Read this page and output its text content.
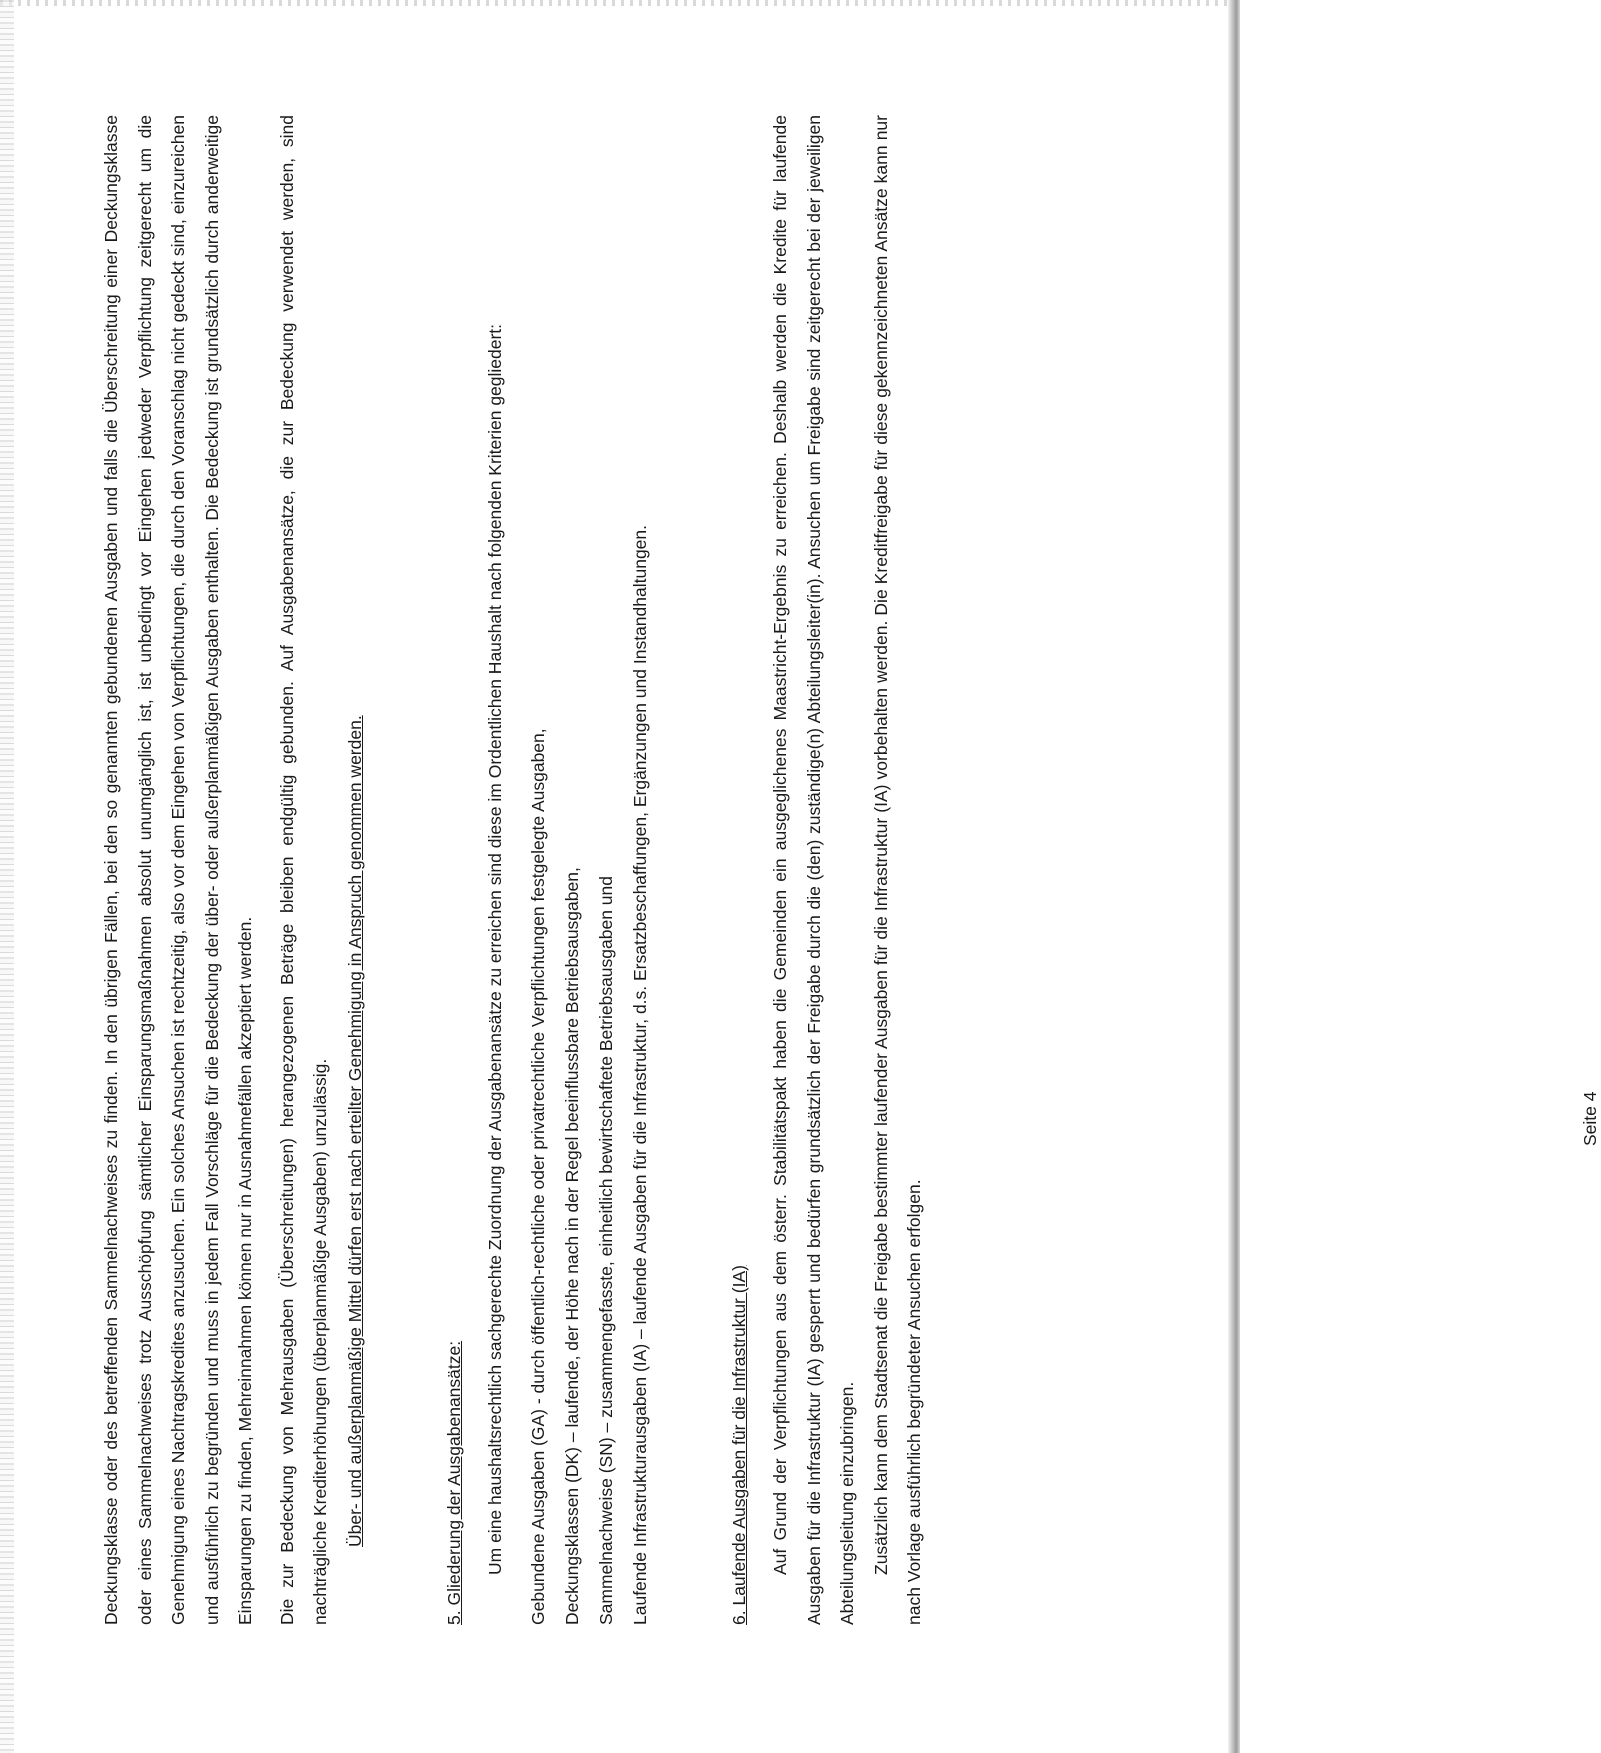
Deckungsklasse oder des betreffenden Sammelnachweises zu finden. In den übrigen Fällen, bei den so genannten gebundenen Ausgaben und falls die Überschreitung einer Deckungsklasse oder eines Sammelnachweises trotz Ausschöpfung sämtlicher Einsparungsmaßnahmen absolut unumgänglich ist, ist unbedingt vor Eingehen jedweder Verpflichtung zeitgerecht um die Genehmigung eines Nachtragskredites anzusuchen. Ein solches Ansuchen ist rechtzeitig, also vor dem Eingehen von Verpflichtungen, die durch den Voranschlag nicht gedeckt sind, einzureichen und ausführlich zu begründen und muss in jedem Fall Vorschläge für die Bedeckung der über- oder außerplanmäßigen Ausgaben enthalten. Die Bedeckung ist grundsätzlich durch anderweitige Einsparungen zu finden, Mehreinnahmen können nur in Ausnahmefällen akzeptiert werden.	Die zur Bedeckung von Mehrausgaben (Überschreitungen) herangezogenen Beträge bleiben endgültig gebunden. Auf Ausgabenansätze, die zur Bedeckung verwendet werden, sind nachträgliche Krediterhöhungen (überplanmäßige Ausgaben) unzulässig. Über- und außerplanmäßige Mittel dürfen erst nach erteilter Genehmigung in Anspruch genommen werden.	5. Gliederung der Ausgabenansätze:	Um eine haushaltsrechtlich sachgerechte Zuordnung der Ausgabenansätze zu erreichen sind diese im Ordentlichen Haushalt nach folgenden Kriterien gegliedert:	Gebundene Ausgaben (GA) - durch öffentlich-rechtliche oder privatrechtliche Verpflichtungen festgelegte Ausgaben, Deckungsklassen (DK) – laufende, der Höhe nach in der Regel beeinflussbare Betriebsausgaben, Sammelnachweise (SN) – zusammengefasste, einheitlich bewirtschaftete Betriebsausgaben und Laufende Infrastrukturausgaben (IA) – laufende Ausgaben für die Infrastruktur, d.s. Ersatzbeschaffungen, Ergänzungen und Instandhaltungen.	6. Laufende Ausgaben für die Infrastruktur (IA)	Auf Grund der Verpflichtungen aus dem österr. Stabilitätspakt haben die Gemeinden ein ausgeglichenes Maastricht-Ergebnis zu erreichen. Deshalb werden die Kredite für laufende Ausgaben für die Infrastruktur (IA) gesperrt und bedürfen grundsätzlich der Freigabe durch die (den) zuständige(n) Abteilungsleiter(in). Ansuchen um Freigabe sind zeitgerecht bei der jeweiligen Abteilungsleitung einzubringen. Zusätzlich kann dem Stadtsenat die Freigabe bestimmter laufender Ausgaben für die Infrastruktur (IA) vorbehalten werden. Die Kreditfreigabe für diese gekennzeichneten Ansätze kann nur nach Vorlage ausführlich begründeter Ansuchen erfolgen.

Seite 4
